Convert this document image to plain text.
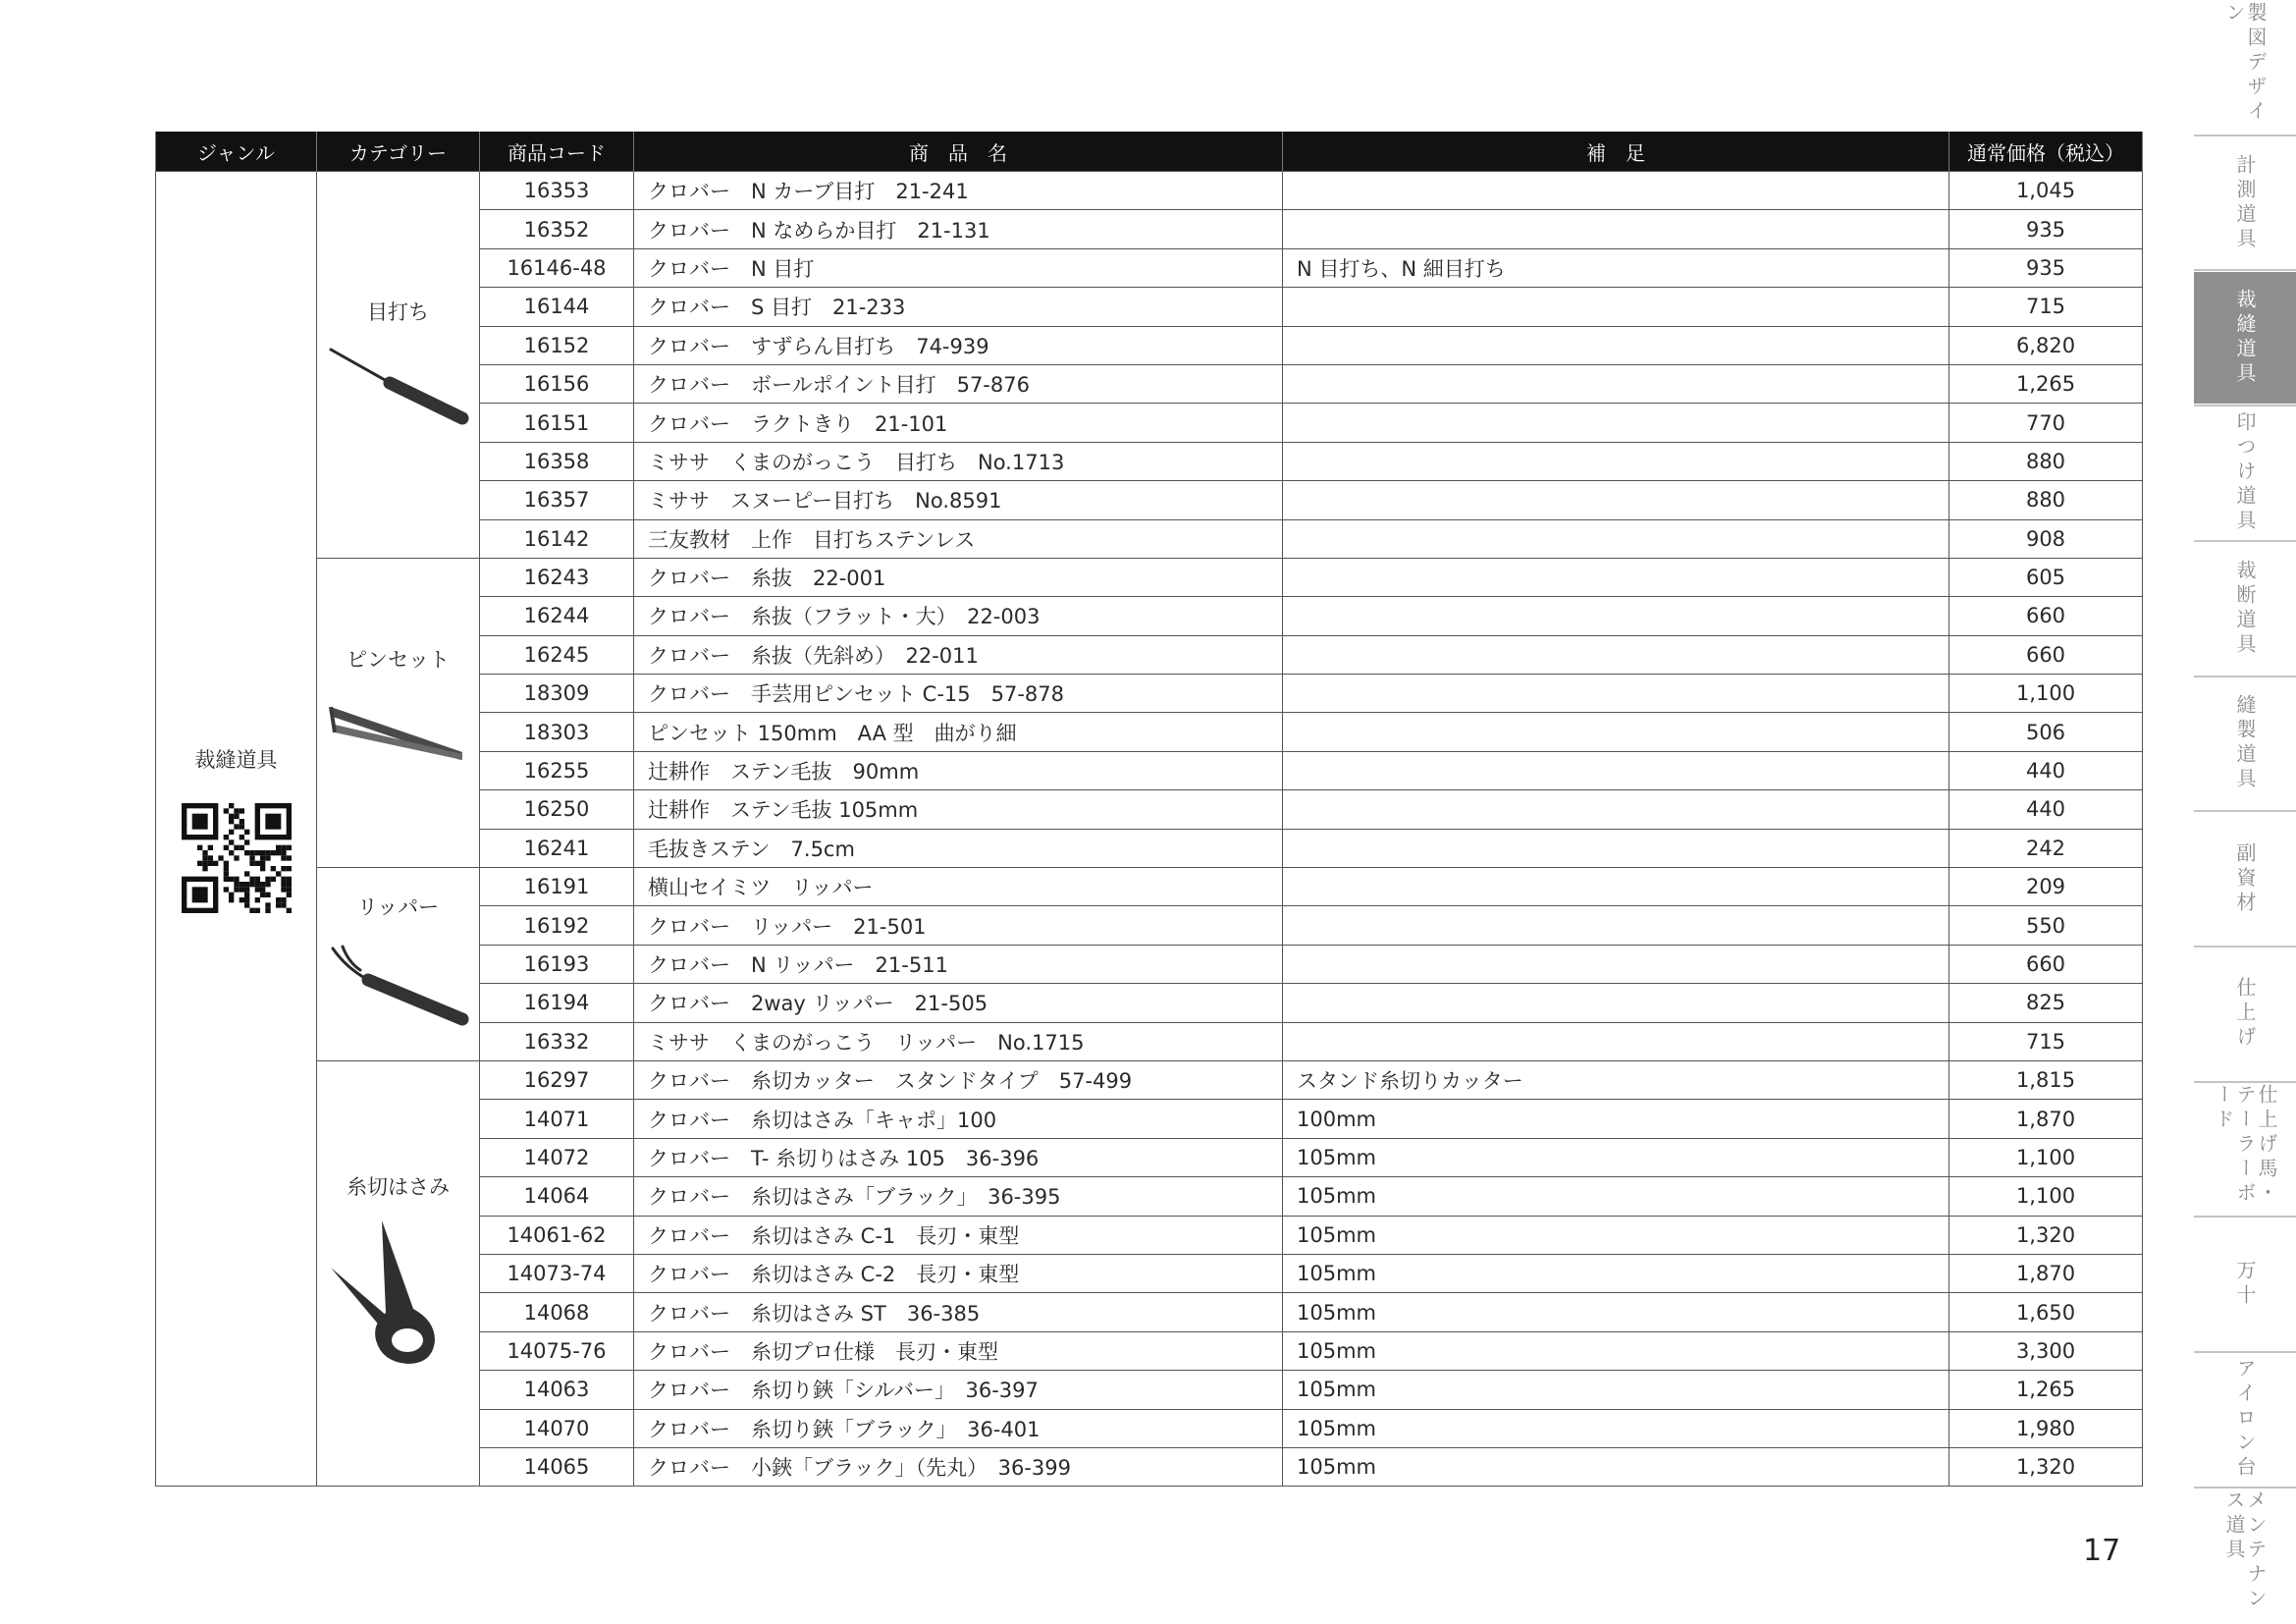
ジャンル	カテゴリー	商品コード	商　品　名	補　足	通常価格（税込）

裁縫道具	目打ち	16353	クロバー　N カーブ目打　21-241		1,045
		16352	クロバー　N なめらか目打　21-131		935
		16146-48	クロバー　N 目打	N 目打ち、N 細目打ち	935
		16144	クロバー　S 目打　21-233		715
		16152	クロバー　すずらん目打ち　74-939		6,820
		16156	クロバー　ボールポイント目打　57-876		1,265
		16151	クロバー　ラクトきり　21-101		770
		16358	ミササ　くまのがっこう　目打ち　No.1713		880
		16357	ミササ　スヌーピー目打ち　No.8591		880
		16142	三友教材　上作　目打ちステンレス		908

	ピンセット	16243	クロバー　糸抜　22-001		605
		16244	クロバー　糸抜（フラット・大）　22-003		660
		16245	クロバー　糸抜（先斜め）　22-011		660
		18309	クロバー　手芸用ピンセット C-15　57-878		1,100
		18303	ピンセット 150mm　AA 型　曲がり細		506
		16255	辻耕作　ステン毛抜　90mm		440
		16250	辻耕作　ステン毛抜 105mm		440
		16241	毛抜きステン　7.5cm		242

	リッパー	16191	横山セイミツ　リッパー		209
		16192	クロバー　リッパー　21-501		550
		16193	クロバー　N リッパー　21-511		660
		16194	クロバー　2way リッパー　21-505		825
		16332	ミササ　くまのがっこう　リッパー　No.1715		715

	糸切はさみ	16297	クロバー　糸切カッター　スタンドタイプ　57-499	スタンド糸切りカッター	1,815
		14071	クロバー　糸切はさみ「キャポ」100	100mm	1,870
		14072	クロバー　T- 糸切りはさみ 105　36-396	105mm	1,100
		14064	クロバー　糸切はさみ「ブラック」　36-395	105mm	1,100
		14061-62	クロバー　糸切はさみ C-1　長刃・東型	105mm	1,320
		14073-74	クロバー　糸切はさみ C-2　長刃・東型	105mm	1,870
		14068	クロバー　糸切はさみ ST　36-385	105mm	1,650
		14075-76	クロバー　糸切プロ仕様　長刃・東型	105mm	3,300
		14063	クロバー　糸切り鋏「シルバー」　36-397	105mm	1,265
		14070	クロバー　糸切り鋏「ブラック」　36-401	105mm	1,980
		14065	クロバー　小鋏「ブラック」（先丸）　36-399	105mm	1,320
製図デザイン
計測道具
裁縫道具
印つけ道具
裁断道具
縫製道具
副資材
仕上げ
仕上げ馬・テーラーボード
万十
アイロン台
メンテナンス道具
17
